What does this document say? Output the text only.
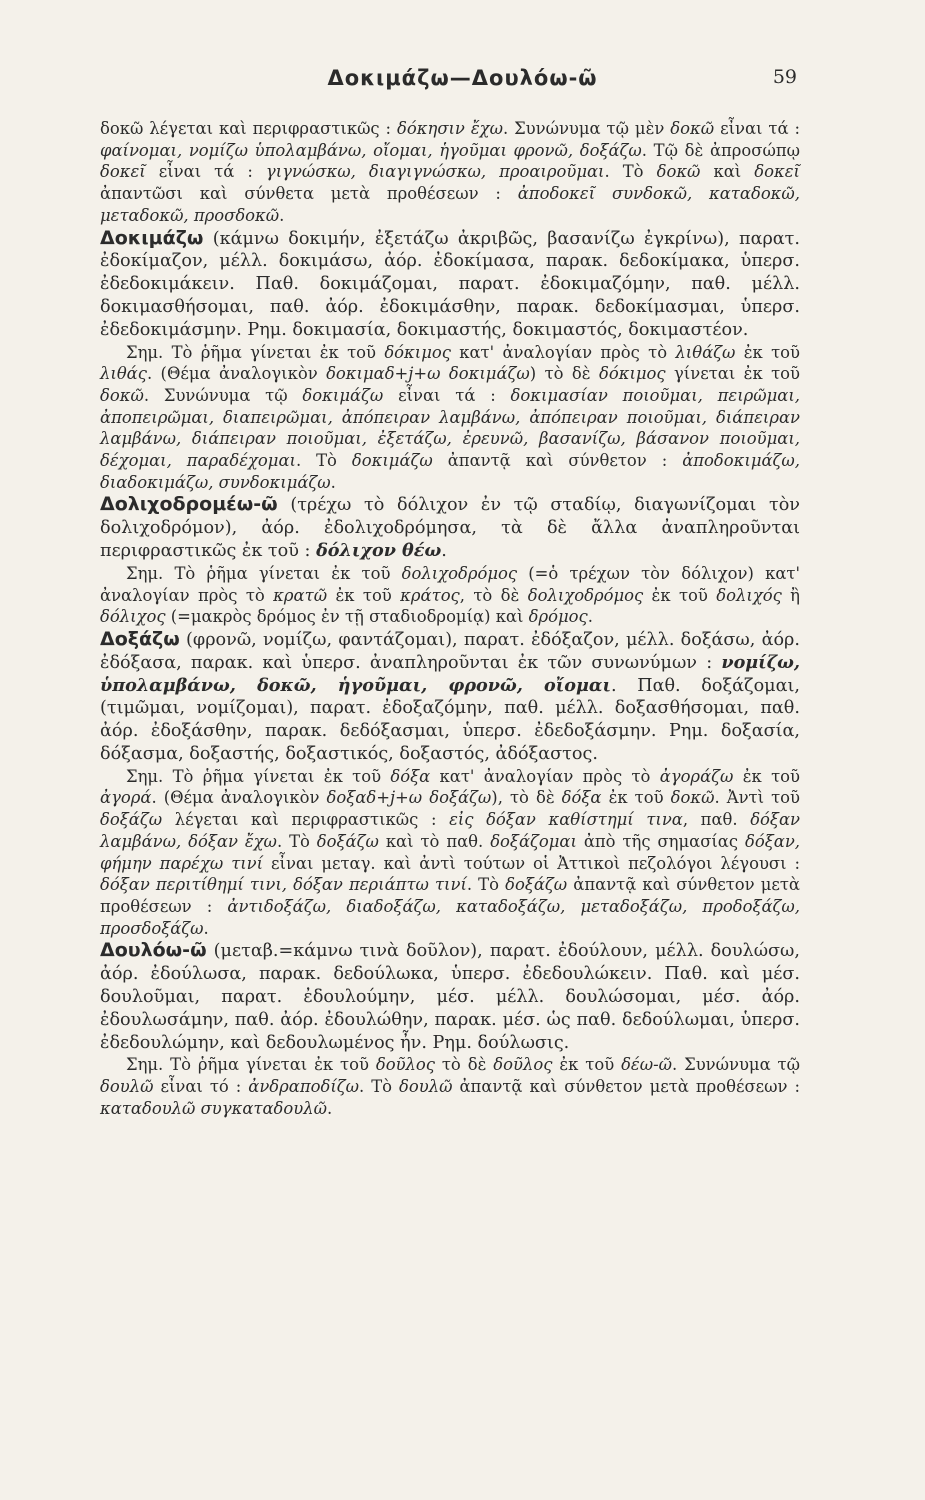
Δοκιμάζω—Δουλόω-ῶ	59

δοκῶ λέγεται καὶ περιφραστικῶς : δόκησιν ἔχω. Συνώνυμα τῷ μὲν δοκῶ εἶναι τά : φαίνομαι, νομίζω ὑπολαμβάνω, οἴομαι, ἡγοῦμαι φρονῶ, δοξάζω. Τῷ δὲ ἀπροσώπῳ δοκεῖ εἶναι τά : γιγνώσκω, διαγιγνώσκω, προαιροῦμαι. Τὸ δοκῶ καὶ δοκεῖ ἀπαντῶσι καὶ σύνθετα μετὰ προθέσεων : ἀποδοκεῖ συνδοκῶ, καταδοκῶ, μεταδοκῶ, προσδοκῶ.

Δοκιμάζω (κάμνω δοκιμήν, ἐξετάζω ἀκριβῶς, βασανίζω ἐγκρίνω), παρατ. ἐδοκίμαζον, μέλλ. δοκιμάσω, ἀόρ. ἐδοκίμασα, παρακ. δεδοκίμακα, ὑπερσ. ἐδεδοκιμάκειν. Παθ. δοκιμάζομαι, παρατ. ἐδοκιμαζόμην, παθ. μέλλ. δοκιμασθήσομαι, παθ. ἀόρ. ἐδοκιμάσθην, παρακ. δεδοκίμασμαι, ὑπερσ. ἐδεδοκιμάσμην. Ρημ. δοκιμασία, δοκιμαστής, δοκιμαστός, δοκιμαστέον.

Σημ. Τὸ ῥῆμα γίνεται ἐκ τοῦ δόκιμος κατ' ἀναλογίαν πρὸς τὸ λιθάζω ἐκ τοῦ λιθάς. (Θέμα ἀναλογικὸν δοκιμαδ+j+ω δοκιμάζω) τὸ δὲ δόκιμος γίνεται ἐκ τοῦ δοκῶ. Συνώνυμα τῷ δοκιμάζω εἶναι τά : δοκιμασίαν ποιοῦμαι, πειρῶμαι, ἀποπειρῶμαι, διαπειρῶμαι, ἀπόπειραν λαμβάνω, ἀπόπειραν ποιοῦμαι, διάπειραν λαμβάνω, διάπειραν ποιοῦμαι, ἐξετάζω, ἐρευνῶ, βασανίζω, βάσανον ποιοῦμαι, δέχομαι, παραδέχομαι. Τὸ δοκιμάζω ἀπαντᾷ καὶ σύνθετον : ἀποδοκιμάζω, διαδοκιμάζω, συνδοκιμάζω.

Δολιχοδρομέω-ῶ (τρέχω τὸ δόλιχον ἐν τῷ σταδίῳ, διαγωνίζομαι τὸν δολιχοδρόμον), ἀόρ. ἐδολιχοδρόμησα, τὰ δὲ ἄλλα ἀναπληροῦνται περιφραστικῶς ἐκ τοῦ : δόλιχον θέω.

Σημ. Τὸ ῥῆμα γίνεται ἐκ τοῦ δολιχοδρόμος (=ὁ τρέχων τὸν δόλιχον) κατ' ἀναλογίαν πρὸς τὸ κρατῶ ἐκ τοῦ κράτος, τὸ δὲ δολιχοδρόμος ἐκ τοῦ δολιχός ἢ δόλιχος (=μακρὸς δρόμος ἐν τῇ σταδιοδρομίᾳ) καὶ δρόμος.

Δοξάζω (φρονῶ, νομίζω, φαντάζομαι), παρατ. ἐδόξαζον, μέλλ. δοξάσω, ἀόρ. ἐδόξασα, παρακ. καὶ ὑπερσ. ἀναπληροῦνται ἐκ τῶν συνωνύμων : νομίζω, ὑπολαμβάνω, δοκῶ, ἡγοῦμαι, φρονῶ, οἴομαι. Παθ. δοξάζομαι, (τιμῶμαι, νομίζομαι), παρατ. ἐδοξαζόμην, παθ. μέλλ. δοξασθήσομαι, παθ. ἀόρ. ἐδοξάσθην, παρακ. δεδόξασμαι, ὑπερσ. ἐδεδοξάσμην. Ρημ. δοξασία, δόξασμα, δοξαστής, δοξαστικός, δοξαστός, ἀδόξαστος.

Σημ. Τὸ ῥῆμα γίνεται ἐκ τοῦ δόξα κατ' ἀναλογίαν πρὸς τὸ ἀγοράζω ἐκ τοῦ ἀγορά. (Θέμα ἀναλογικὸν δοξαδ+j+ω δοξάζω), τὸ δὲ δόξα ἐκ τοῦ δοκῶ. Ἀντὶ τοῦ δοξάζω λέγεται καὶ περιφραστικῶς : εἰς δόξαν καθίστημί τινα, παθ. δόξαν λαμβάνω, δόξαν ἔχω. Τὸ δοξάζω καὶ τὸ παθ. δοξάζομαι ἀπὸ τῆς σημασίας δόξαν, φήμην παρέχω τινί εἶναι μεταγ. καὶ ἀντὶ τούτων οἱ Ἀττικοὶ πεζολόγοι λέγουσι : δόξαν περιτίθημί τινι, δόξαν περιάπτω τινί. Τὸ δοξάζω ἀπαντᾷ καὶ σύνθετον μετὰ προθέσεων : ἀντιδοξάζω, διαδοξάζω, καταδοξάζω, μεταδοξάζω, προδοξάζω, προσδοξάζω.

Δουλόω-ῶ (μεταβ.=κάμνω τινὰ δοῦλον), παρατ. ἐδούλουν, μέλλ. δουλώσω, ἀόρ. ἐδούλωσα, παρακ. δεδούλωκα, ὑπερσ. ἐδεδουλώκειν. Παθ. καὶ μέσ. δουλοῦμαι, παρατ. ἐδουλούμην, μέσ. μέλλ. δουλώσομαι, μέσ. ἀόρ. ἐδουλωσάμην, παθ. ἀόρ. ἐδουλώθην, παρακ. μέσ. ὡς παθ. δεδούλωμαι, ὑπερσ. ἐδεδουλώμην, καὶ δεδουλωμένος ἦν. Ρημ. δούλωσις.

Σημ. Τὸ ῥῆμα γίνεται ἐκ τοῦ δοῦλος τὸ δὲ δοῦλος ἐκ τοῦ δέω-ῶ. Συνώνυμα τῷ δουλῶ εἶναι τό : ἀνδραποδίζω. Τὸ δουλῶ ἀπαντᾷ καὶ σύνθετον μετὰ προθέσεων : καταδουλῶ συγκαταδουλῶ.
